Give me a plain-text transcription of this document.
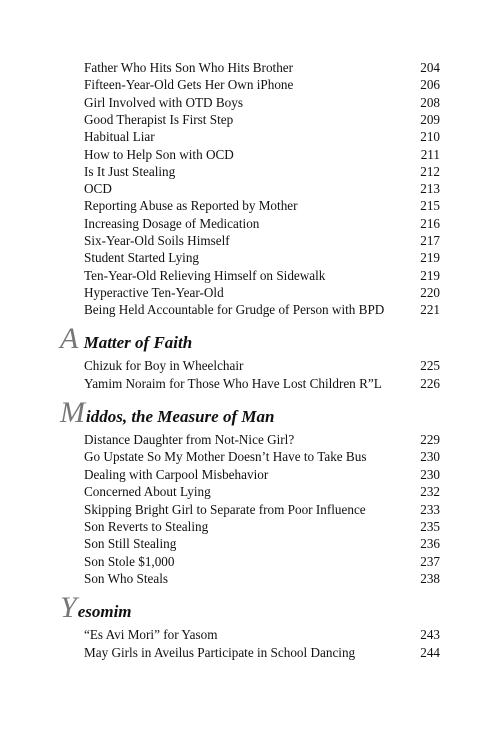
Father Who Hits Son Who Hits Brother	204
Fifteen-Year-Old Gets Her Own iPhone	206
Girl Involved with OTD Boys	208
Good Therapist Is First Step	209
Habitual Liar	210
How to Help Son with OCD	211
Is It Just Stealing	212
OCD	213
Reporting Abuse as Reported by Mother	215
Increasing Dosage of Medication	216
Six-Year-Old Soils Himself	217
Student Started Lying	219
Ten-Year-Old Relieving Himself on Sidewalk	219
Hyperactive Ten-Year-Old	220
Being Held Accountable for Grudge of Person with BPD	221
A Matter of Faith
Chizuk for Boy in Wheelchair	225
Yamim Noraim for Those Who Have Lost Children R”L	226
Middos, the Measure of Man
Distance Daughter from Not-Nice Girl?	229
Go Upstate So My Mother Doesn’t Have to Take Bus	230
Dealing with Carpool Misbehavior	230
Concerned About Lying	232
Skipping Bright Girl to Separate from Poor Influence	233
Son Reverts to Stealing	235
Son Still Stealing	236
Son Stole $1,000	237
Son Who Steals	238
Yesomim
“Es Avi Mori” for Yasom	243
May Girls in Aveilus Participate in School Dancing	244
